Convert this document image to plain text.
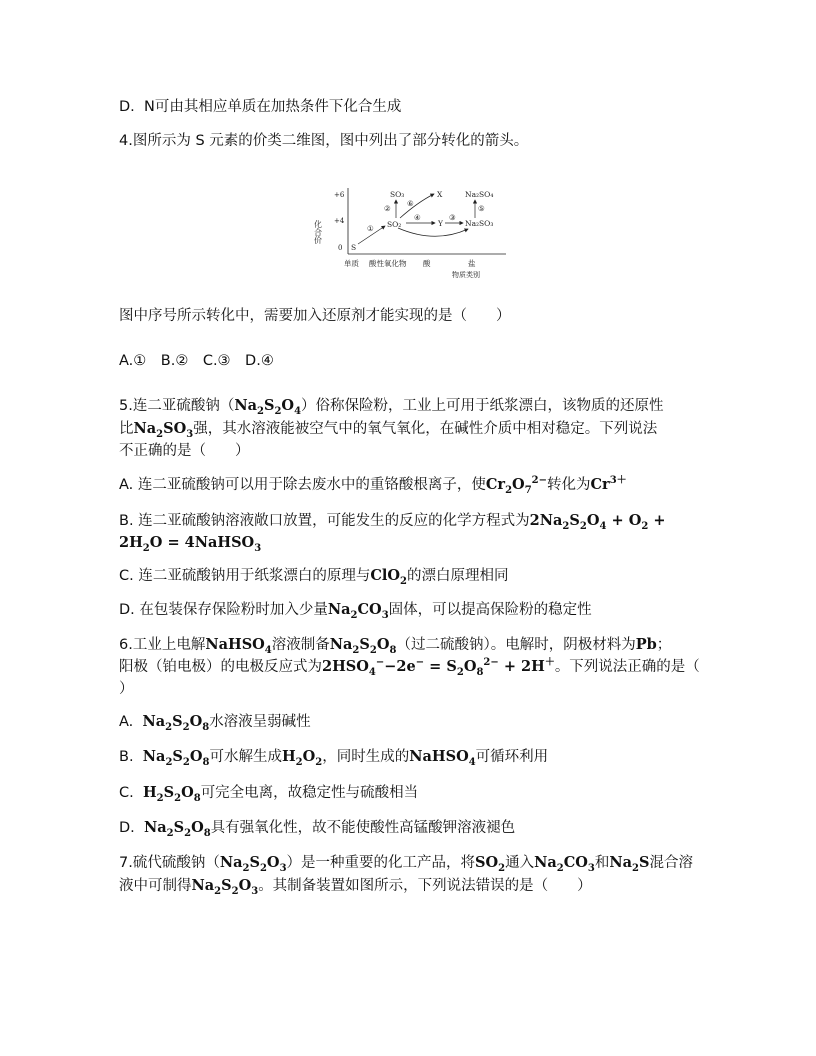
D. N可由其相应单质在加热条件下化合生成
4.图所示为 S 元素的价类二维图，图中列出了部分转化的箭头。
化合价
+6
+4
0
单质 酸性氧化物 酸	盐
物质类别
S
SO₂
SO₃	X
Y
Na₂SO₄
Na₂SO₃
①
②
③
④
⑤
⑥
图中序号所示转化中，需要加入还原剂才能实现的是（　　）
A.①　B.②　C.③　D.④
5.连二亚硫酸钠$(Na_2S_2O_4)$俗称保险粉，工业上可用于纸浆漂白，该物质的还原性
比$Na_2SO_3$强，其水溶液能被空气中的氧气氧化，在碱性介质中相对稳定。下列说法
不正确的是（　　）
A. 连二亚硫酸钠可以用于除去废水中的重铬酸根离子，使$Cr_2O_7^{2-}$转化为$Cr^{3+}$
B. 连二亚硫酸钠溶液敞口放置，可能发生的反应的化学方程式为$2Na_2S_2O_4 + O_2$ +
$2H_2O$ = 4NaHSO$_3$
C. 连二亚硫酸钠用于纸浆漂白的原理与ClO$_2$的漂白原理相同
D. 在包装保存保险粉时加入少量$Na_2CO_3$固体，可以提高保险粉的稳定性
6.工业上电解NaHSO$_4$溶液制备$Na_2S_2O_8$（过二硫酸钠）。电解时，阴极材料为Pb；
阳极（铂电极）的电极反应式为$2HSO_4^--2e^- = S_2O_8^{2-} + 2H^+$。下列说法正确的是（
）
A.  $Na_2S_2O_8$水溶液呈弱碱性
B.  $Na_2S_2O_8$可水解生成$H_2O_2$，同时生成的NaHSO$_4$可循环利用
C.  $H_2S_2O_8$可完全电离，故稳定性与硫酸相当
D.  $Na_2S_2O_8$具有强氧化性，故不能使酸性高锰酸钾溶液褪色
7.硫代硫酸钠$(Na_2S_2O_3)$是一种重要的化工产品，将$SO_2$通入$Na_2CO_3$和$Na_2S$混合溶
液中可制得$Na_2S_2O_3$。其制备装置如图所示，下列说法错误的是（　　）
